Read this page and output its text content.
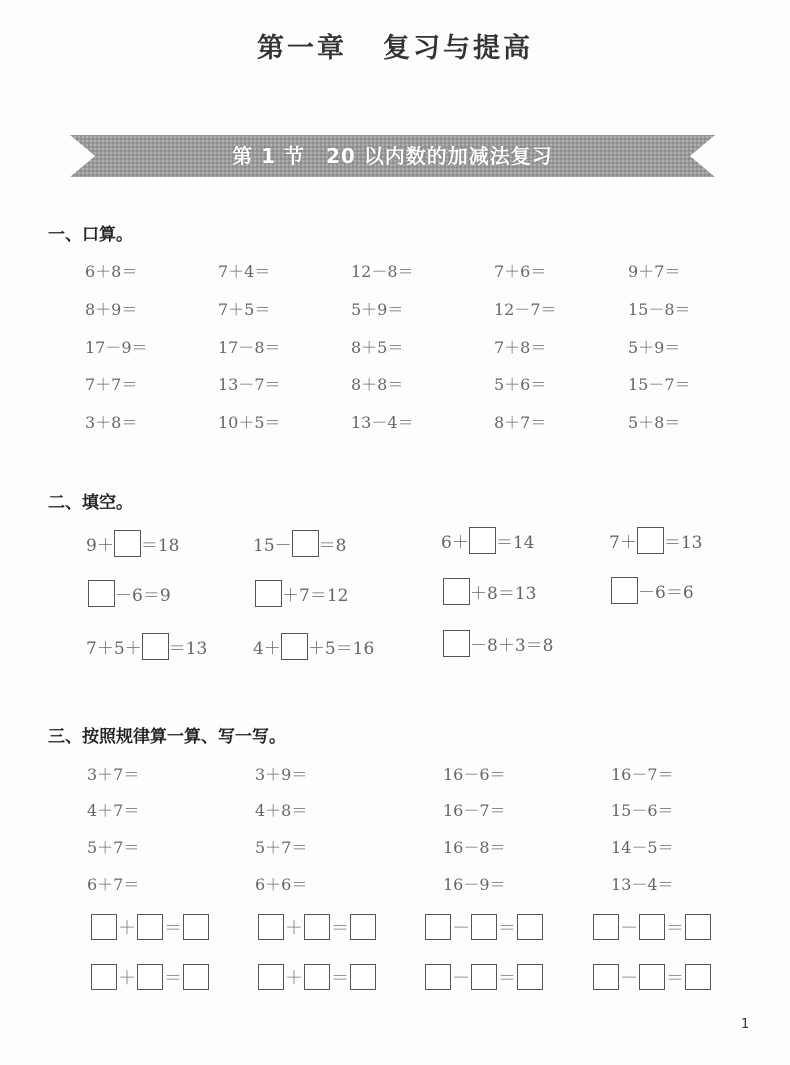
第一章 复习与提高
第 1 节　20 以内数的加减法复习
一、口算。
6＋8＝	7＋4＝	12－8＝	7＋6＝	9＋7＝
8＋9＝	7＋5＝	5＋9＝	12－7＝	15－8＝
17－9＝	17－8＝	8＋5＝	7＋8＝	5＋9＝
7＋7＝	13－7＝	8＋8＝	5＋6＝	15－7＝
3＋8＝	10＋5＝	13－4＝	8＋7＝	5＋8＝
二、填空。
9＋ ＝18	15－ ＝8	6＋ ＝14	7＋ ＝13
－6＝9	＋7＝12	＋8＝13	－6＝6
7＋5＋ ＝13	4＋ ＋5＝16	－8＋3＝8
三、按照规律算一算、写一写。
3＋7＝	3＋9＝	16－6＝	16－7＝
4＋7＝	4＋8＝	16－7＝	15－6＝
5＋7＝	5＋7＝	16－8＝	14－5＝
6＋7＝	6＋6＝	16－9＝	13－4＝
＋ ＝	＋ ＝	－ ＝	－ ＝
＋ ＝	＋ ＝	－ ＝	－ ＝
1
